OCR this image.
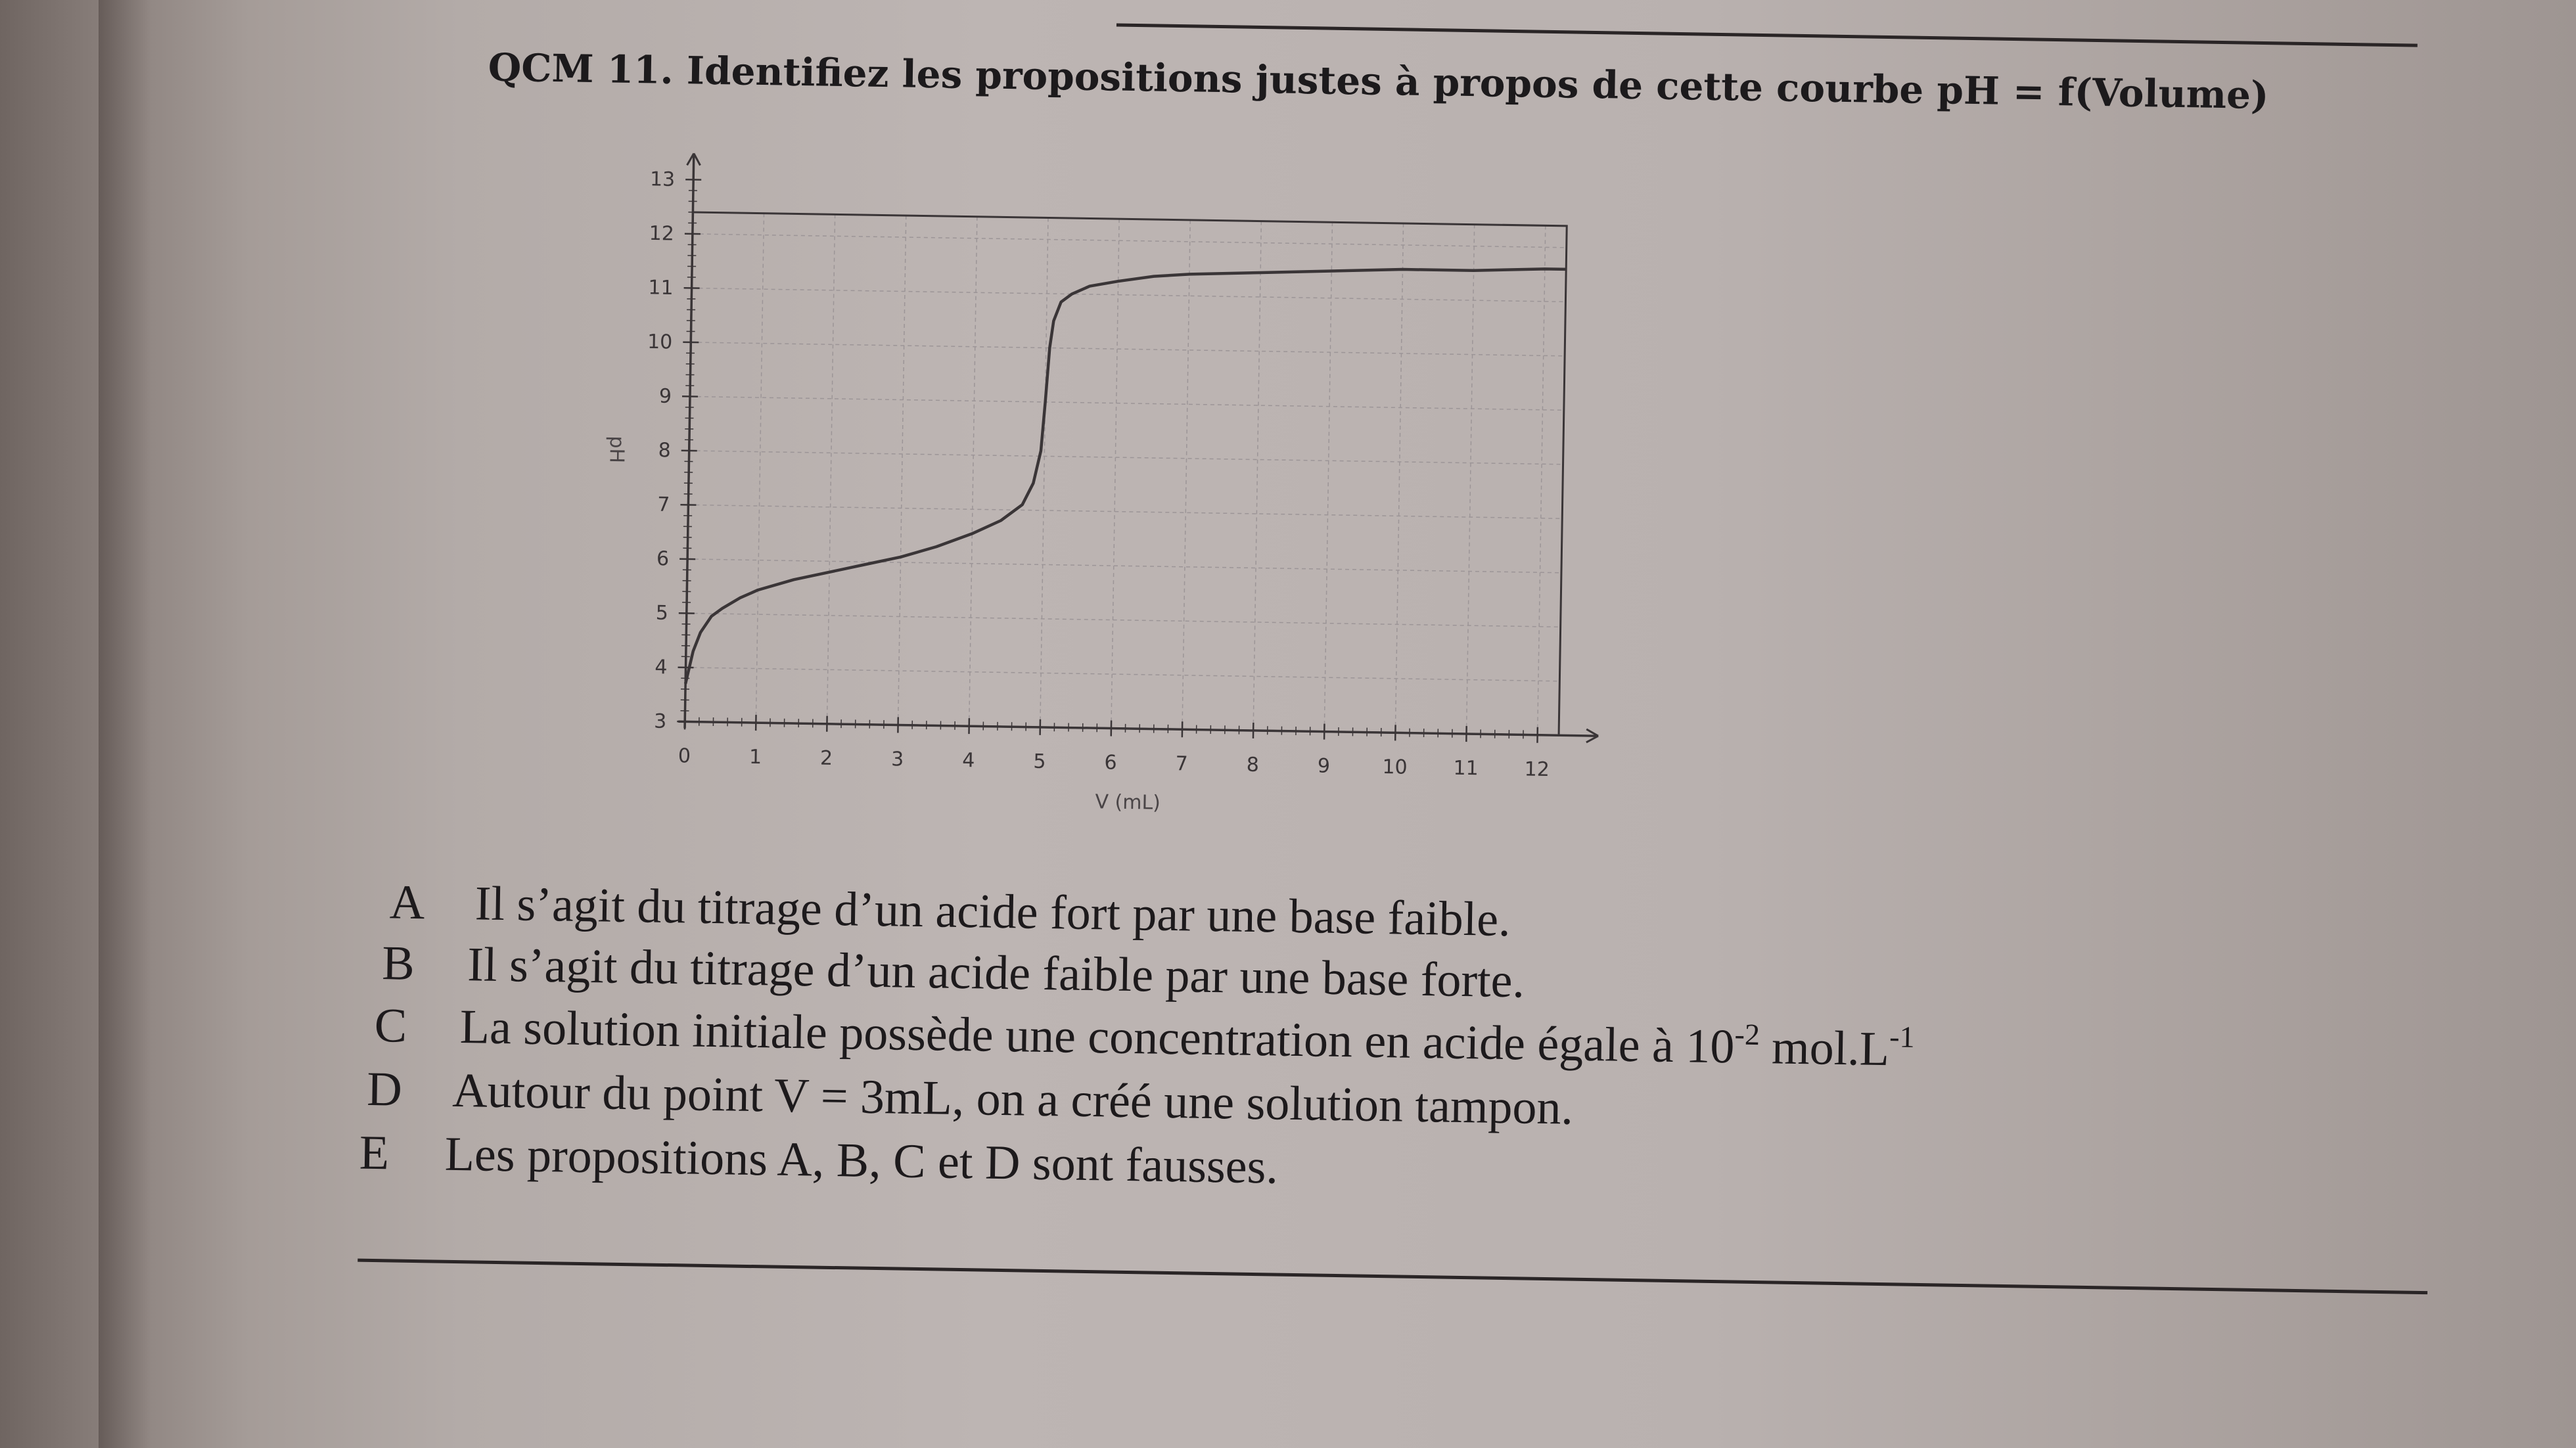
QCM 11. Identifiez les propositions justes à propos de cette courbe pH = f(Volume)
0	1	2	3	4	5	6	7	8	9	10 11 12
3
4
5
6
7
8
9
10
11
12
13
V (mL)
pH
A Il s’agit du titrage d’un acide fort par une base faible.
B Il s’agit du titrage d’un acide faible par une base forte.
C La solution initiale possède une concentration en acide égale à $10^{-2}$ $mol.L^{-1}$
D Autour du point V = 3mL, on a créé une solution tampon.
E Les propositions A, B, C et D sont fausses.
